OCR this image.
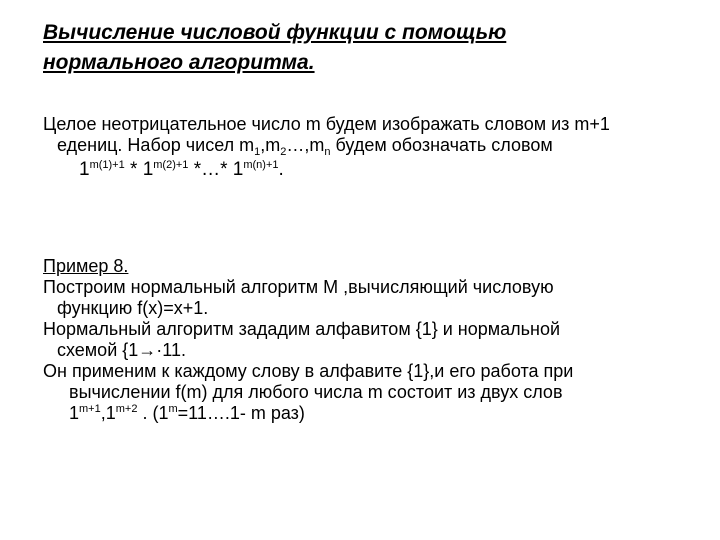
Вычисление числовой функции с помощью
нормального алгоритма.
Целое неотрицательное число m будем изображать словом из m+1
едениц. Набор чисел $m_1,m_2\dots,m_n$ будем обозначать словом
$1^{m(1)+1} * 1^{m(2)+1}$ *…* $1^{m(n)+1}$.
Пример 8.
Построим нормальный алгоритм M ,вычисляющий числовую
функцию f(x)=x+1.
Нормальный алгоритм зададим алфавитом {1} и нормальной
схемой {1→·11.
Он применим к каждому слову в алфавите {1},и его работа при
вычислении f(m) для любого числа m состоит из двух слов
$1^{m+1},1^{m+2}$ . ($1^m=11\dots.1-$ m раз)
